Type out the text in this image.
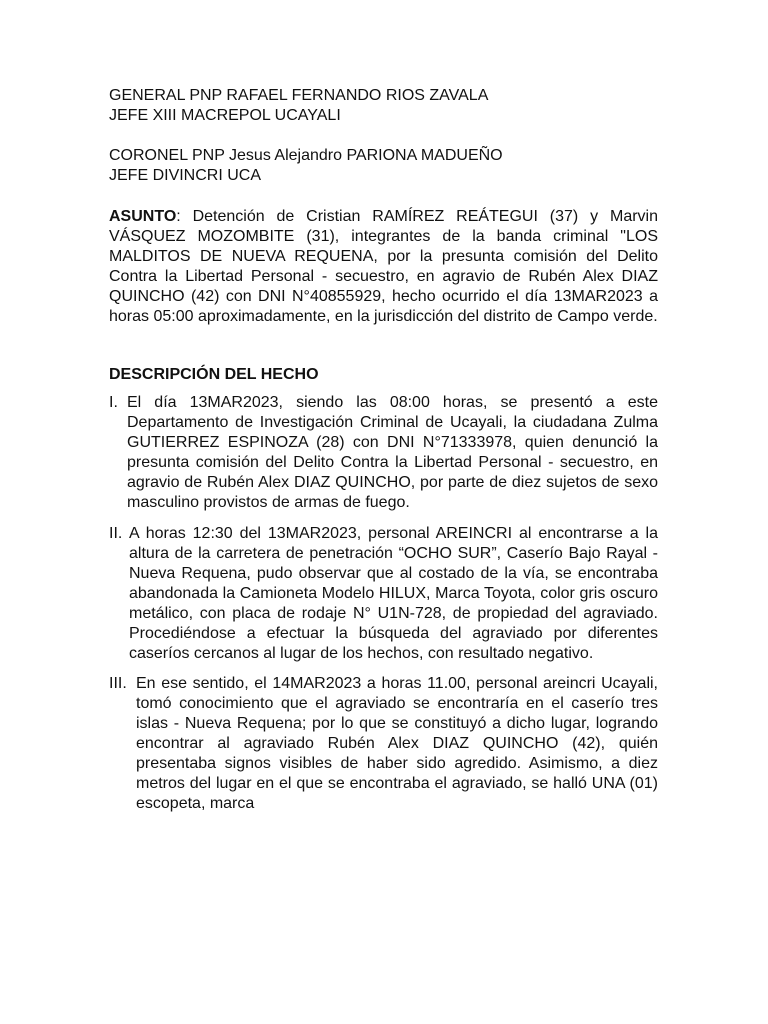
GENERAL PNP RAFAEL FERNANDO RIOS ZAVALA
JEFE XIII MACREPOL UCAYALI
CORONEL PNP Jesus Alejandro PARIONA MADUEÑO
JEFE DIVINCRI UCA

ASUNTO: Detención de Cristian RAMÍREZ REÁTEGUI (37) y Marvin VÁSQUEZ MOZOMBITE (31), integrantes de la banda criminal "LOS MALDITOS DE NUEVA REQUENA, por la presunta comisión del Delito Contra la Libertad Personal - secuestro, en agravio de Rubén Alex DIAZ QUINCHO (42) con DNI N°40855929, hecho ocurrido el día 13MAR2023 a horas 05:00 aproximadamente, en la jurisdicción del distrito de Campo verde.

DESCRIPCIÓN DEL HECHO

I. El día 13MAR2023, siendo las 08:00 horas, se presentó a este Departamento de Investigación Criminal de Ucayali, la ciudadana Zulma GUTIERREZ ESPINOZA (28) con DNI N°71333978, quien denunció la presunta comisión del Delito Contra la Libertad Personal - secuestro, en agravio de Rubén Alex DIAZ QUINCHO, por parte de diez sujetos de sexo masculino provistos de armas de fuego.
II. A horas 12:30 del 13MAR2023, personal AREINCRI al encontrarse a la altura de la carretera de penetración “OCHO SUR”, Caserío Bajo Rayal - Nueva Requena, pudo observar que al costado de la vía, se encontraba abandonada la Camioneta Modelo HILUX, Marca Toyota, color gris oscuro metálico, con placa de rodaje N° U1N-728, de propiedad del agraviado. Procediéndose a efectuar la búsqueda del agraviado por diferentes caseríos cercanos al lugar de los hechos, con resultado negativo.
III. En ese sentido, el 14MAR2023 a horas 11.00, personal areincri Ucayali, tomó conocimiento que el agraviado se encontraría en el caserío tres islas - Nueva Requena; por lo que se constituyó a dicho lugar, logrando encontrar al agraviado Rubén Alex DIAZ QUINCHO (42), quién presentaba signos visibles de haber sido agredido. Asimismo, a diez metros del lugar en el que se encontraba el agraviado, se halló UNA (01) escopeta, marca
